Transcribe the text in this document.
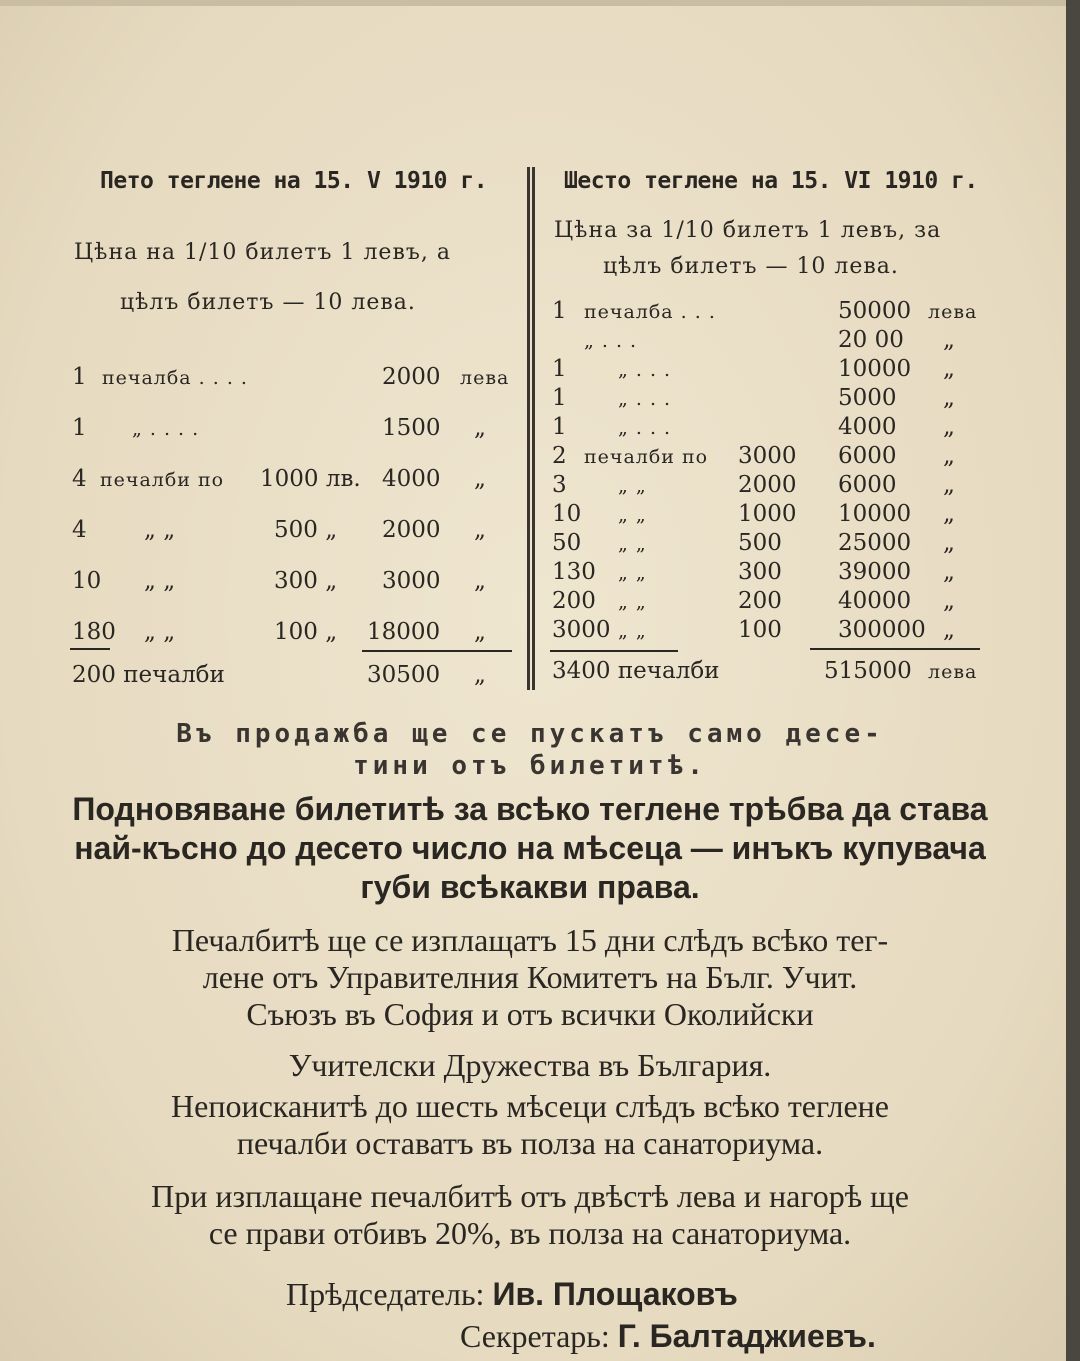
Пето теглене на 15. V 1910 г.
Цѣна на 1/10 билетъ 1 левъ, а
цѣлъ билетъ — 10 лева.
1 печалба . . . .	2000 лева
1 „ . . . .	1500 „
4 печалби по 1000 лв. 4000 „
4 „ „	500 „ 2000 „
10 „ „	300 „ 3000 „
180 „ „	100 „ 18000 „
200 печалби	30500 „
Шесто теглене на 15. VI 1910 г.
Цѣна за 1/10 билетъ 1 левъ, за
цѣлъ билетъ — 10 лева.
1 печалба . . .	50000 лева
„ . . .	20 00 „
1	„ . . .	10000 „
1	„ . . .	5000 „
1	„ . . .	4000 „
2 печалби по 3000 6000 „
3	„ „	2000 6000 „
10 „ „	1000 10000 „
50 „ „	500 25000 „
130 „ „	300 39000 „
200 „ „	200 40000 „
3000 „ „	100 300000 „
3400 печалби	515000 лева
Въ продажба ще се пускатъ само десе-
тини отъ билетитѣ.
Подновяване билетитѣ за всѣко теглене трѣбва да става най-късно до десето число на мѣсеца — инъкъ купувача губи всѣкакви права.
Печалбитѣ ще се изплащатъ 15 дни слѣдъ всѣко тег-
лене отъ Управителния Комитетъ на Бълг. Учит.
Съюзъ въ София и отъ всички Околийски
Учителски Дружества въ България.
Непоисканитѣ до шесть мѣсеци слѣдъ всѣко теглене
печалби оставатъ въ полза на санаториума.
При изплащане печалбитѣ отъ двѣстѣ лева и нагорѣ ще
се прави отбивъ 20%, въ полза на санаториума.
Прѣдседатель: Ив. Площаковъ
Секретарь: Г. Балтаджиевъ.
